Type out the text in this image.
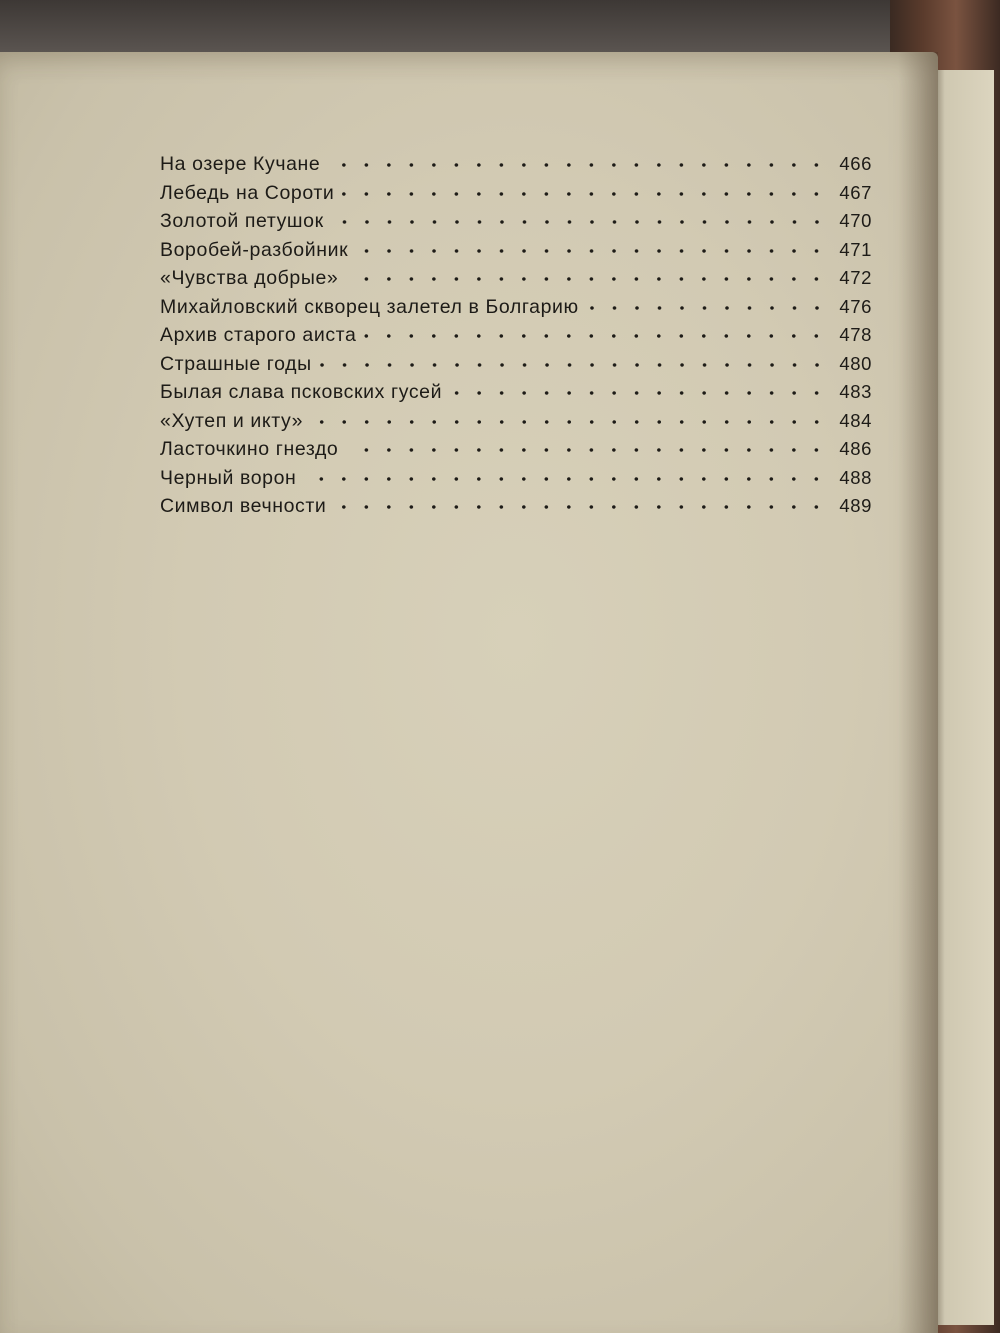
На озере Кучане	466
Лебедь на Сороти	467
Золотой петушок	470
Воробей-разбойник	471
«Чувства добрые»	472
Михайловский скворец залетел в Болгарию	476
Архив старого аиста	478
Страшные годы	480
Былая слава псковских гусей	483
«Хутеп и икту»	484
Ласточкино гнездо	486
Черный ворон	488
Символ вечности	489
